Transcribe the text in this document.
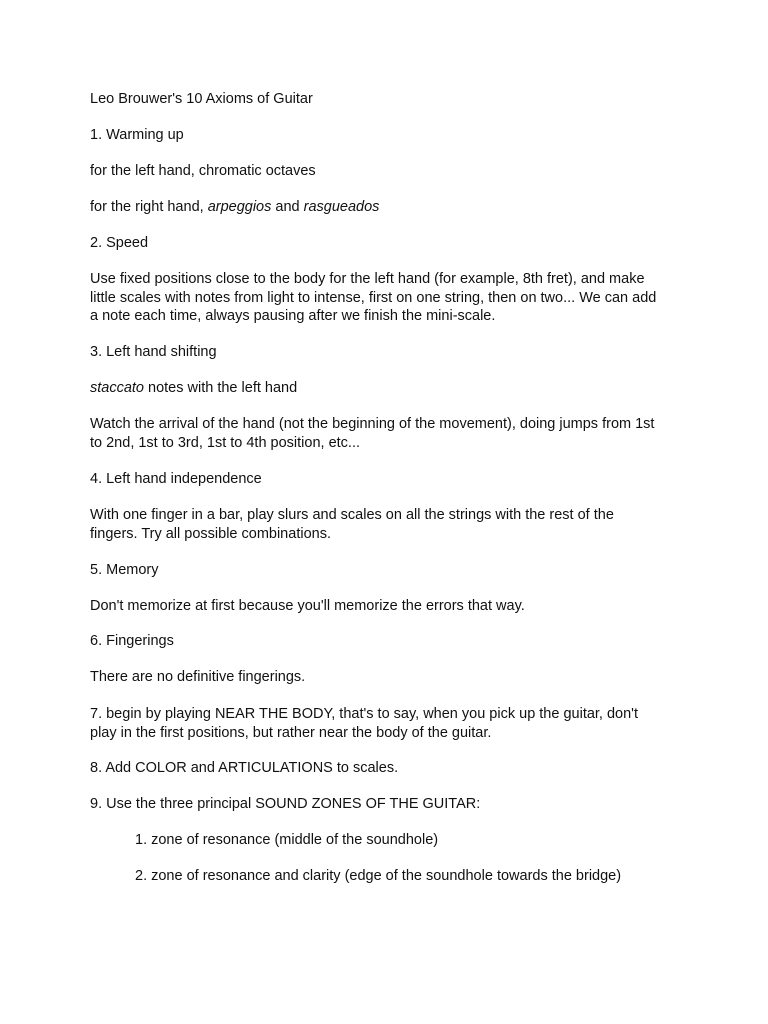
Leo Brouwer's 10 Axioms of Guitar

1. Warming up

for the left hand, chromatic octaves

for the right hand, arpeggios and rasgueados

2. Speed

Use fixed positions close to the body for the left hand (for example, 8th fret), and make
little scales with notes from light to intense, first on one string, then on two... We can add
a note each time, always pausing after we finish the mini-scale.

3. Left hand shifting

staccato notes with the left hand

Watch the arrival of the hand (not the beginning of the movement), doing jumps from 1st
to 2nd, 1st to 3rd, 1st to 4th position, etc...

4. Left hand independence

With one finger in a bar, play slurs and scales on all the strings with the rest of the
fingers. Try all possible combinations.

5. Memory

Don't memorize at first because you'll memorize the errors that way.

6. Fingerings

There are no definitive fingerings.

7. begin by playing NEAR THE BODY, that's to say, when you pick up the guitar, don't
play in the first positions, but rather near the body of the guitar.

8. Add COLOR and ARTICULATIONS to scales.

9. Use the three principal SOUND ZONES OF THE GUITAR:

1. zone of resonance (middle of the soundhole)

2. zone of resonance and clarity (edge of the soundhole towards the bridge)
